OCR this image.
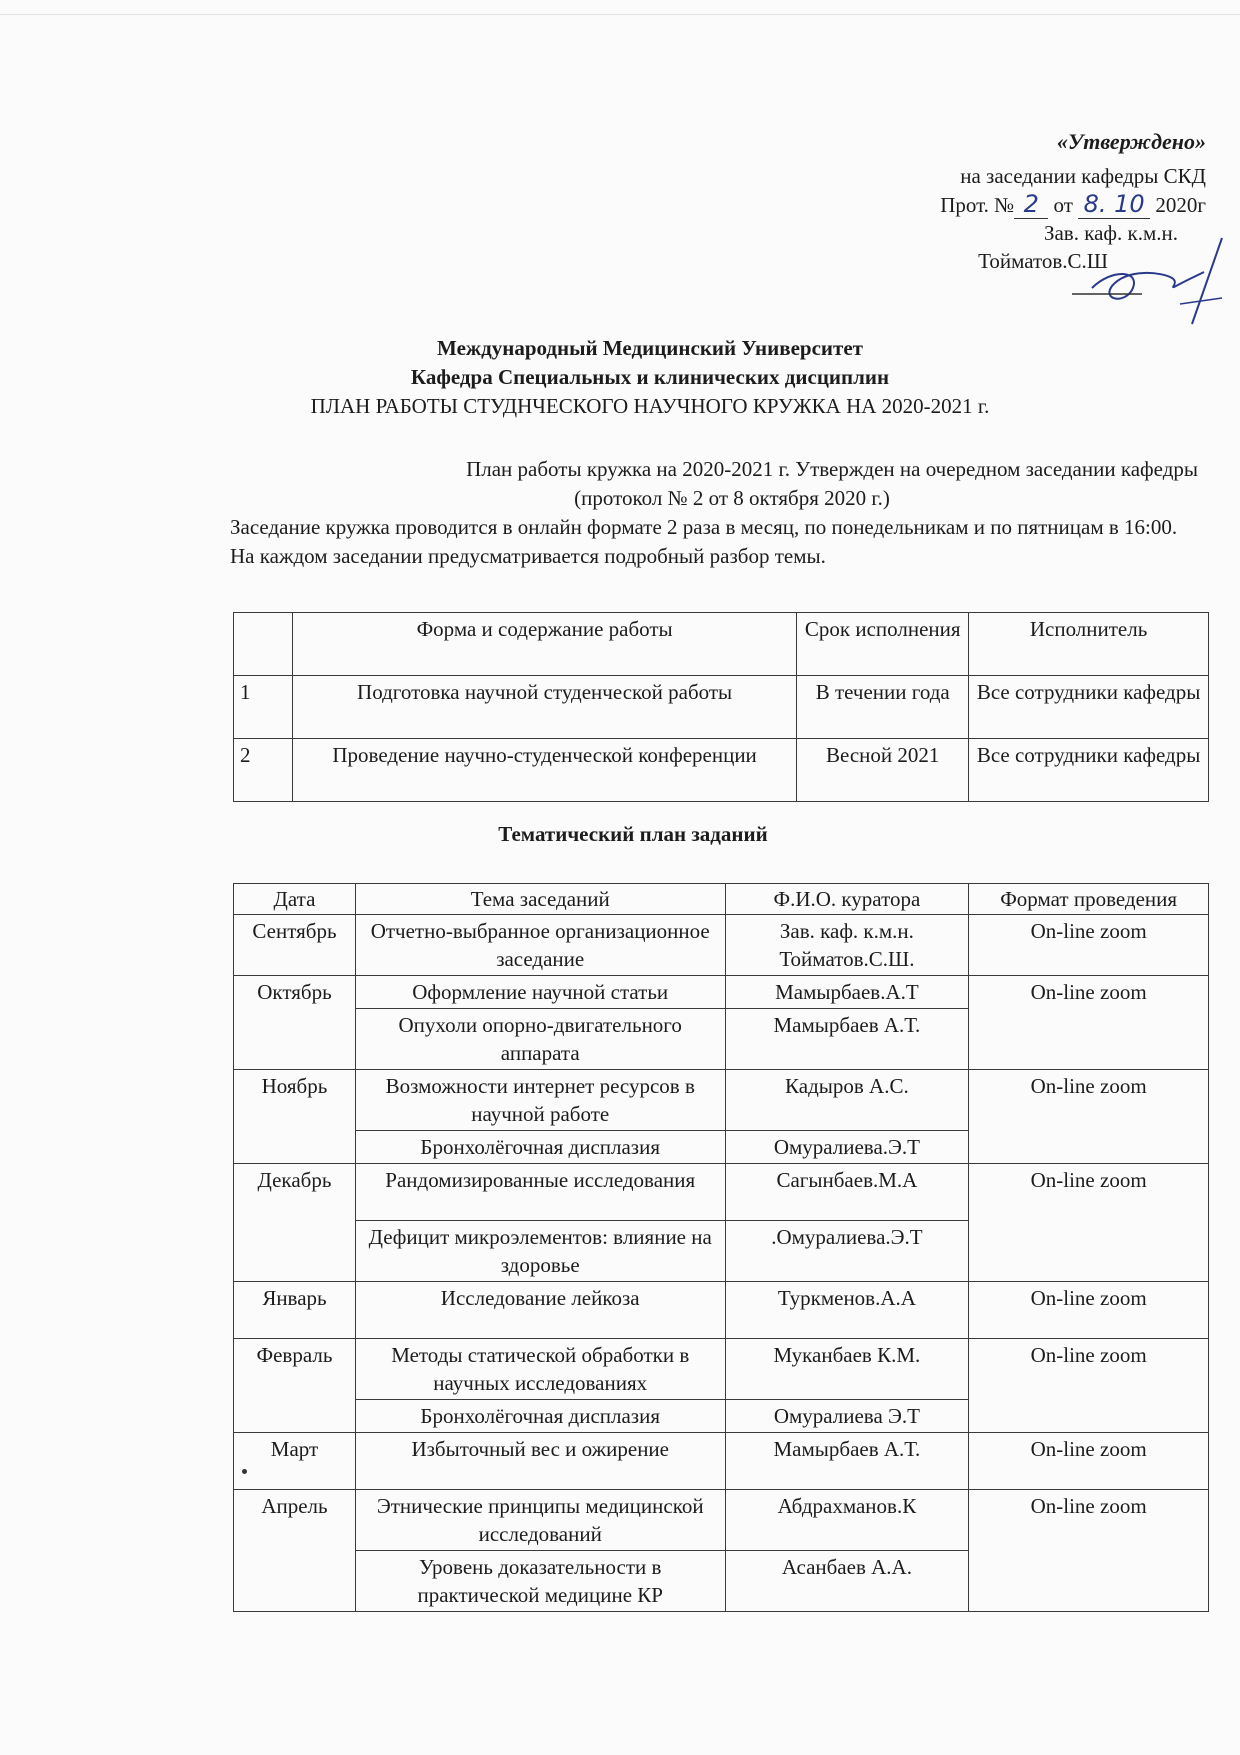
«Утверждено»
на заседании кафедры СКД
Прот. № 2 от 8. 10 2020г
Зав. каф. к.м.н.
Тойматов.С.Ш
Международный Медицинский Университет
Кафедра Специальных и клинических дисциплин
ПЛАН РАБОТЫ СТУДНЧЕСКОГО НАУЧНОГО КРУЖКА НА 2020-2021 г.
План работы кружка на 2020-2021 г. Утвержден на очередном заседании кафедры
(протокол № 2 от 8 октября 2020 г.)
Заседание кружка проводится в онлайн формате 2 раза в месяц, по понедельникам и по пятницам в 16:00. На каждом заседании предусматривается подробный разбор темы.
	Форма и содержание работы	Срок исполнения	Исполнитель
1	Подготовка научной студенческой работы	В течении года	Все сотрудники кафедры
2	Проведение научно-студенческой конференции	Весной 2021	Все сотрудники кафедры
Тематический план заданий
Дата	Тема заседаний	Ф.И.О. куратора	Формат проведения
Сентябрь	Отчетно-выбранное организационное заседание	Зав. каф. к.м.н. Тойматов.С.Ш.	On-line zoom
Октябрь	Оформление научной статьи	Мамырбаев.А.Т	On-line zoom
	Опухоли опорно-двигательного аппарата	Мамырбаев А.Т.	
Ноябрь	Возможности интернет ресурсов в научной работе	Кадыров А.С.	On-line zoom
	Бронхолёгочная дисплазия	Омуралиева.Э.Т	
Декабрь	Рандомизированные исследования	Сагынбаев.М.А	On-line zoom
	Дефицит микроэлементов: влияние на здоровье	.Омуралиева.Э.Т	
Январь	Исследование лейкоза	Туркменов.А.А	On-line zoom
Февраль	Методы статической обработки в научных исследованиях	Муканбаев К.М.	On-line zoom
	Бронхолёгочная дисплазия	Омуралиева Э.Т	
Март	Избыточный вес и ожирение	Мамырбаев А.Т.	On-line zoom
Апрель	Этнические принципы медицинской исследований	Абдрахманов.К	On-line zoom
	Уровень доказательности в практической медицине КР	Асанбаев А.А.	
